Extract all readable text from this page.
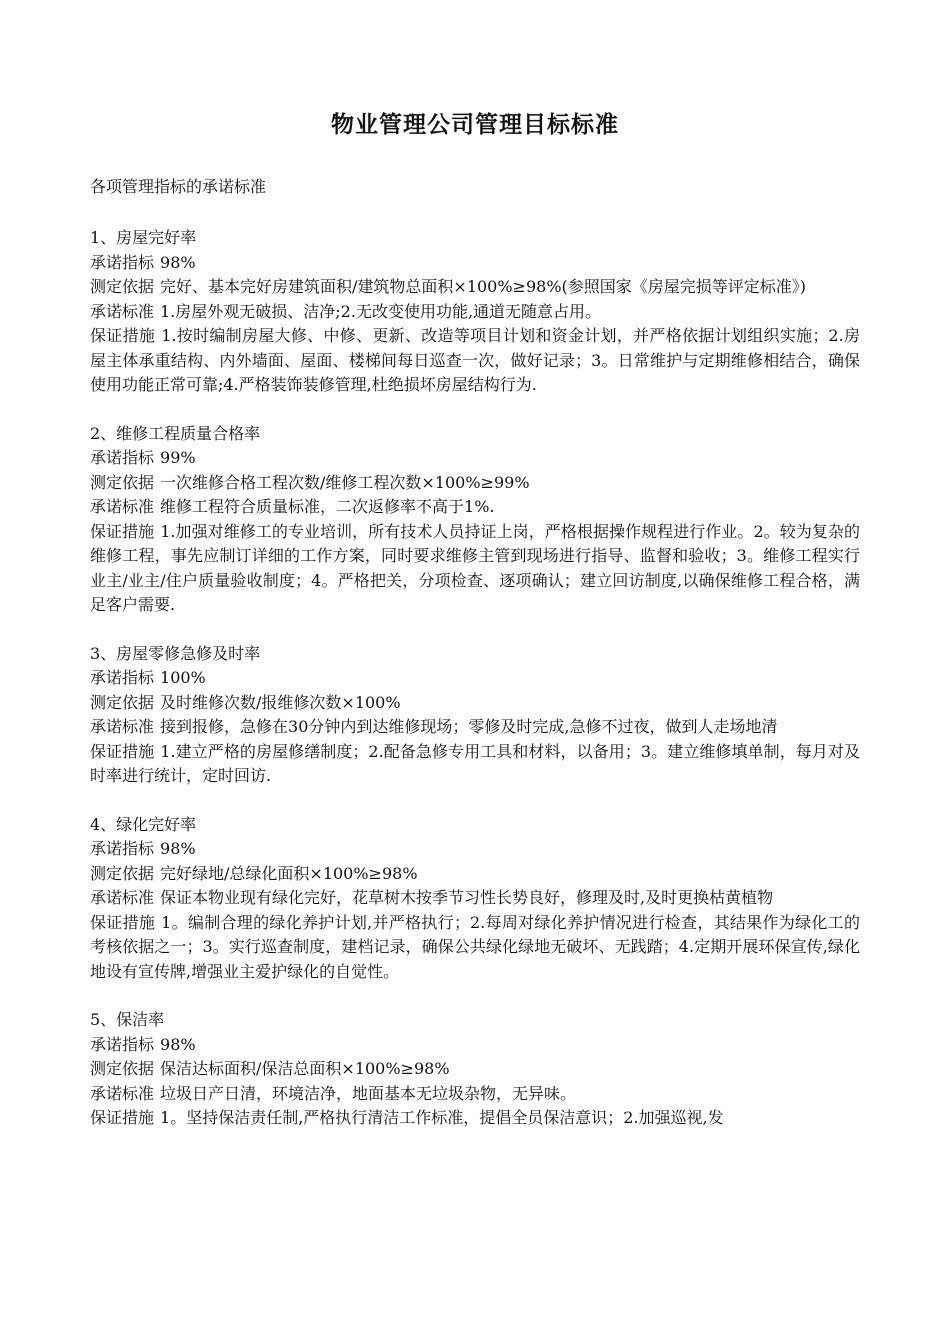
物业管理公司管理目标标准

各项管理指标的承诺标准

1、房屋完好率

承诺指标 98%

测定依据 完好、基本完好房建筑面积/建筑物总面积×100%≥98%(参照国家《房屋完损等评定标准》)

承诺标准 1.房屋外观无破损、洁净;2.无改变使用功能,通道无随意占用。

保证措施 1.按时编制房屋大修、中修、更新、改造等项目计划和资金计划，并严格依据计划组织实施；2.房屋主体承重结构、内外墙面、屋面、楼梯间每日巡查一次，做好记录；3。日常维护与定期维修相结合，确保使用功能正常可靠;4.严格装饰装修管理,杜绝损坏房屋结构行为.

2、维修工程质量合格率

承诺指标 99%

测定依据 一次维修合格工程次数/维修工程次数×100%≥99%

承诺标准 维修工程符合质量标准，二次返修率不高于1%.

保证措施 1.加强对维修工的专业培训，所有技术人员持证上岗，严格根据操作规程进行作业。2。较为复杂的维修工程，事先应制订详细的工作方案，同时要求维修主管到现场进行指导、监督和验收；3。维修工程实行业主/业主/住户质量验收制度；4。严格把关，分项检查、逐项确认；建立回访制度,以确保维修工程合格，满足客户需要.

3、房屋零修急修及时率

承诺指标 100%

测定依据 及时维修次数/报维修次数×100%

承诺标准 接到报修，急修在30分钟内到达维修现场；零修及时完成,急修不过夜，做到人走场地清

保证措施 1.建立严格的房屋修缮制度；2.配备急修专用工具和材料，以备用；3。建立维修填单制，每月对及时率进行统计，定时回访.

4、绿化完好率

承诺指标 98%

测定依据 完好绿地/总绿化面积×100%≥98%

承诺标准 保证本物业现有绿化完好，花草树木按季节习性长势良好，修理及时,及时更换枯黄植物

保证措施 1。编制合理的绿化养护计划,并严格执行；2.每周对绿化养护情况进行检查，其结果作为绿化工的考核依据之一；3。实行巡查制度，建档记录，确保公共绿化绿地无破坏、无践踏；4.定期开展环保宣传,绿化地设有宣传牌,增强业主爱护绿化的自觉性。

5、保洁率

承诺指标 98%

测定依据 保洁达标面积/保洁总面积×100%≥98%

承诺标准 垃圾日产日清，环境洁净，地面基本无垃圾杂物，无异味。

保证措施 1。坚持保洁责任制,严格执行清洁工作标准，提倡全员保洁意识；2.加强巡视,发
